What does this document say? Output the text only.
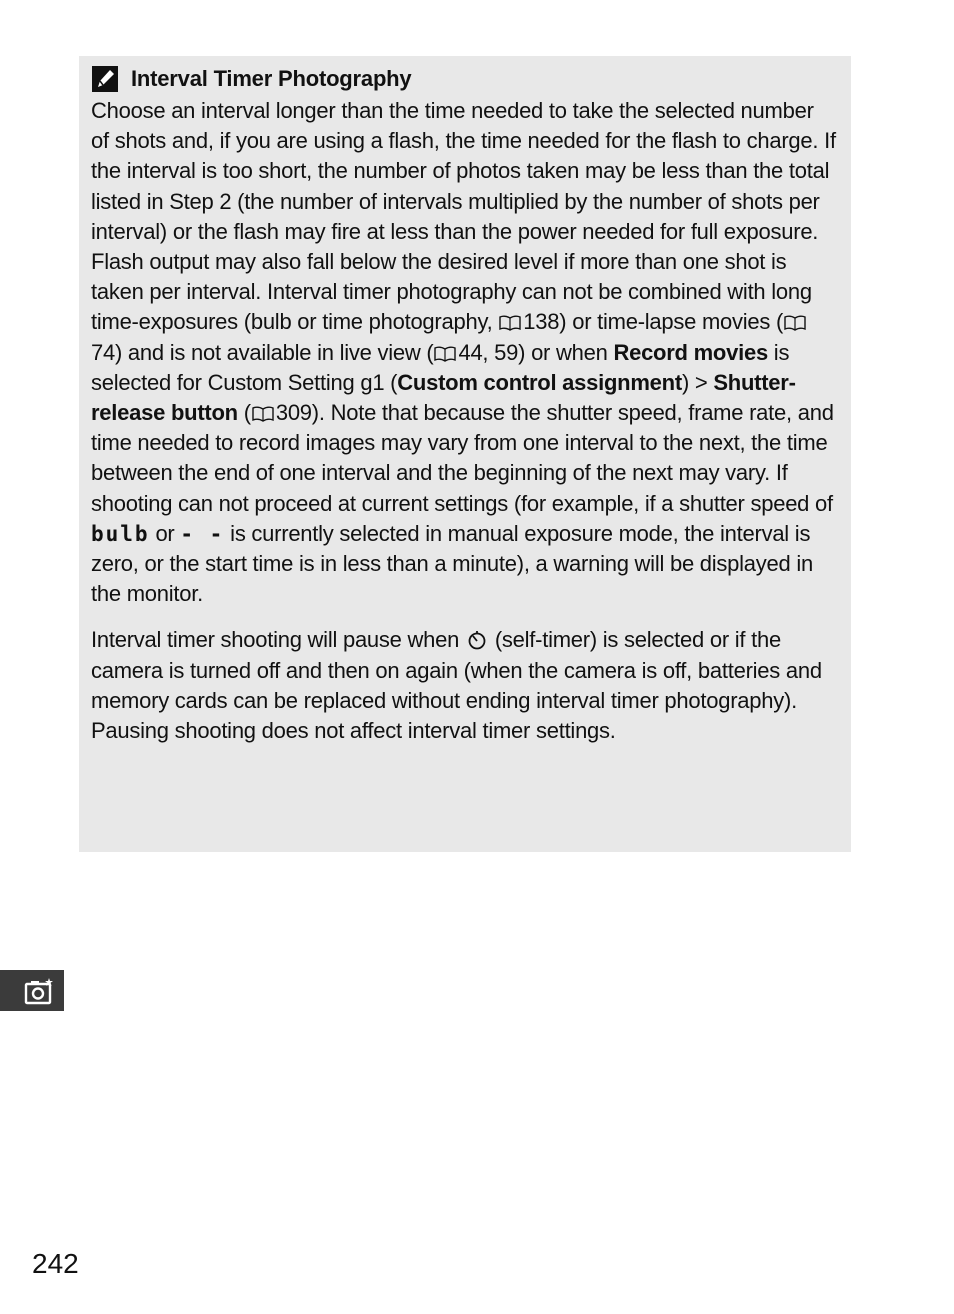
Interval Timer Photography

Choose an interval longer than the time needed to take the selected number of shots and, if you are using a flash, the time needed for the flash to charge. If the interval is too short, the number of photos taken may be less than the total listed in Step 2 (the number of intervals multiplied by the number of shots per interval) or the flash may fire at less than the power needed for full exposure. Flash output may also fall below the desired level if more than one shot is taken per interval. Interval timer photography can not be combined with long time-exposures (bulb or time photography, 138) or time-lapse movies (74) and is not available in live view ( 44, 59) or when Record movies is selected for Custom Setting g1 (Custom control assignment) > Shutter-release button ( 309). Note that because the shutter speed, frame rate, and time needed to record images may vary from one interval to the next, the time between the end of one interval and the beginning of the next may vary. If shooting can not proceed at current settings (for example, if a shutter speed of bulb or - - is currently selected in manual exposure mode, the interval is zero, or the start time is in less than a minute), a warning will be displayed in the monitor.

Interval timer shooting will pause when  (self-timer) is selected or if the camera is turned off and then on again (when the camera is off, batteries and memory cards can be replaced without ending interval timer photography). Pausing shooting does not affect interval timer settings.

242
